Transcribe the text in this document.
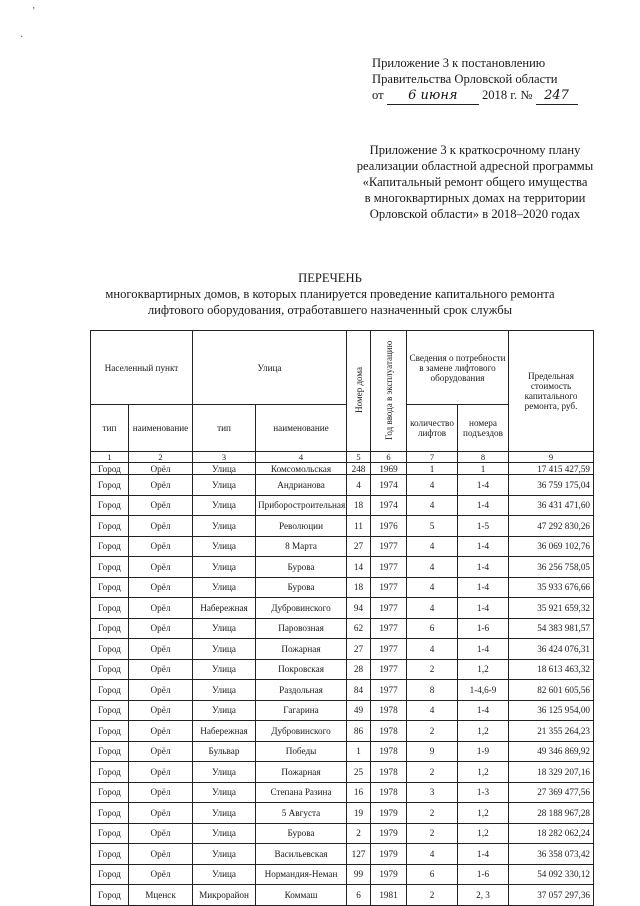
ʼ
·
Приложение 3 к постановлению
Правительства Орловской области
от 6 июня 2018 г. № 247
Приложение 3 к краткосрочному плану
реализации областной адресной программы
«Капитальный ремонт общего имущества
в многоквартирных домах на территории
Орловской области» в 2018–2020 годах
ПЕРЕЧЕНЬ
многоквартирных домов, в которых планируется проведение капитального ремонта
лифтового оборудования, отработавшего назначенный срок службы
Населенный пункт		Улица		Номер дома	Год ввода в эксплуатацию	Сведения о потребности в замене лифтового оборудования		Предельная стоимость капитального ремонта, руб.
тип	наименование	тип	наименование			количество лифтов	номера подъездов	
1	2	3	4	5	6	7	8	9
Город	Орёл	Улица	Комсомольская	248	1969	1	1	17 415 427,59
Город	Орёл	Улица	Андрианова	4	1974	4	1-4	36 759 175,04
Город	Орёл	Улица	Приборостроительная	18	1974	4	1-4	36 431 471,60
Город	Орёл	Улица	Революции	11	1976	5	1-5	47 292 830,26
Город	Орёл	Улица	8 Марта	27	1977	4	1-4	36 069 102,76
Город	Орёл	Улица	Бурова	14	1977	4	1-4	36 256 758,05
Город	Орёл	Улица	Бурова	18	1977	4	1-4	35 933 676,66
Город	Орёл	Набережная	Дубровинского	94	1977	4	1-4	35 921 659,32
Город	Орёл	Улица	Паровозная	62	1977	6	1-6	54 383 981,57
Город	Орёл	Улица	Пожарная	27	1977	4	1-4	36 424 076,31
Город	Орёл	Улица	Покровская	28	1977	2	1,2	18 613 463,32
Город	Орёл	Улица	Раздольная	84	1977	8	1-4,6-9	82 601 605,56
Город	Орёл	Улица	Гагарина	49	1978	4	1-4	36 125 954,00
Город	Орёл	Набережная	Дубровинского	86	1978	2	1,2	21 355 264,23
Город	Орёл	Бульвар	Победы	1	1978	9	1-9	49 346 869,92
Город	Орёл	Улица	Пожарная	25	1978	2	1,2	18 329 207,16
Город	Орёл	Улица	Степана Разина	16	1978	3	1-3	27 369 477,56
Город	Орёл	Улица	5 Августа	19	1979	2	1,2	28 188 967,28
Город	Орёл	Улица	Бурова	2	1979	2	1,2	18 282 062,24
Город	Орёл	Улица	Васильевская	127	1979	4	1-4	36 358 073,42
Город	Орёл	Улица	Нормандия-Неман	99	1979	6	1-6	54 092 330,12
Город	Мценск	Микрорайон	Коммаш	6	1981	2	2, 3	37 057 297,36
